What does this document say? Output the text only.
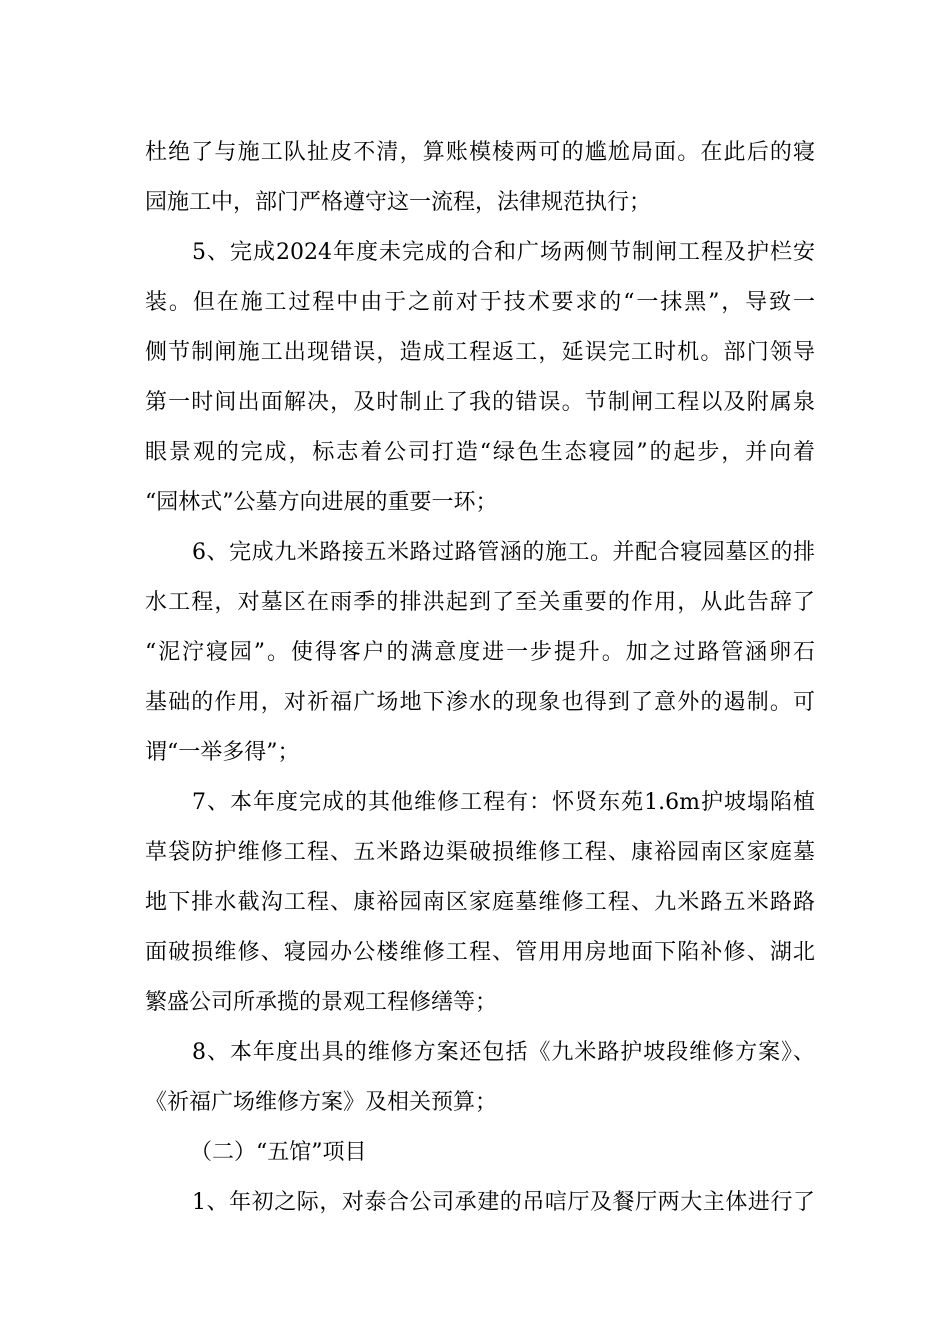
杜绝了与施工队扯皮不清，算账模棱两可的尴尬局面。在此后的寝
园施工中，部门严格遵守这一流程，法律规范执行；
5、完成2024年度未完成的合和广场两侧节制闸工程及护栏安
装。但在施工过程中由于之前对于技术要求的“一抹黑”，导致一
侧节制闸施工出现错误，造成工程返工，延误完工时机。部门领导
第一时间出面解决，及时制止了我的错误。节制闸工程以及附属泉
眼景观的完成，标志着公司打造“绿色生态寝园”的起步，并向着
“园林式”公墓方向进展的重要一环；
6、完成九米路接五米路过路管涵的施工。并配合寝园墓区的排
水工程，对墓区在雨季的排洪起到了至关重要的作用，从此告辞了
“泥泞寝园”。使得客户的满意度进一步提升。加之过路管涵卵石
基础的作用，对祈福广场地下渗水的现象也得到了意外的遏制。可
谓“一举多得”；
7、本年度完成的其他维修工程有：怀贤东苑1.6m护坡塌陷植
草袋防护维修工程、五米路边渠破损维修工程、康裕园南区家庭墓
地下排水截沟工程、康裕园南区家庭墓维修工程、九米路五米路路
面破损维修、寝园办公楼维修工程、管用用房地面下陷补修、湖北
繁盛公司所承揽的景观工程修缮等；
8、本年度出具的维修方案还包括《九米路护坡段维修方案》、
《祈福广场维修方案》及相关预算；
（二）“五馆”项目
1、年初之际，对泰合公司承建的吊唁厅及餐厅两大主体进行了
